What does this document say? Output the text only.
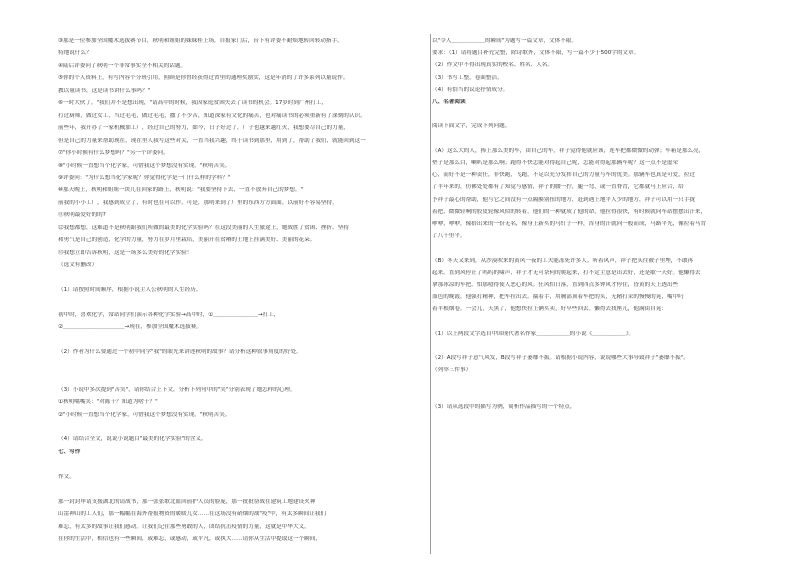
③那是一位参加全国魔术选拔赛节目，秋明和姐姐的妹妹桂上场，自报家门后，台下有评委不耐烦地转回转动指手。
特地说什么？
④陆后评委问了秋明一个非常事实全不相关的话题。
⑤你的个人资料上，有写内容个分班引用，照顾是你曾经获得过省里的通理奖励实，这是年消的了许多系列以量说作。
教以量读书，这是读书讲什么事吗？"
⑥一时大伙了，"我们并不是想出现，"请高中的时候，我因家庭贫困失去了读书的机会。17岁时到广州打工，
打过厨师，做过女工，当过毛毛，做过毛毛，撒了不少苦，知道深家有文化的痛苦，也对痛读书的必须重新有了深刻的认识。
前些年，我开办了一家机械加工厂，经过自己的努力，如今，日子好过了，厂子也越来越红火，我想要尽自己的力量，
但是自己的力量来帮助现在，现在里人我写这些对关，一直当我兴趣，终于读书到那里，用到了，帮助了我们，就能回到这一
⑦"你小时候有什么梦想吗？"另一个评委问。
⑧"小时候一直想当个化学家，可惜我这个梦想没有实现。"秋明苦笑。
⑨评委问："为什么想当化学家呢？你觉得化学是一门什么样的学科？"
⑩那天晚上，秋明和姐姐一块儿在回家的路上，秋明说："我要坚持下去，一直不放弃自己的梦想。"
前我的小小工厂，我感到成立了，有时也在可以作，可是，那明来到了厂里的东西方方面面。以前好不容易坚持，
⑪秋明最爱好的的?
⑫我想都想，这难道不是秋明跟我们所做的最美的化学实验吗？在这段美丽的人生旅途上，她战胜了贫困、挫折、坚持
和勇气是自己的创造，化学的力量，努力在岁月里栽培，美丽开在贫瘠的土地上挂满美好、美丽的花朵。
⑬我想立即告诉秋明，这是一场多么美好的化学实验！
（选文有删改）
（1）请按照时间顺序，根据小说主人公秋明的人生经历。
初中时，喜欢化学，常站同学们演示各种化学实验→高中时，①＿＿＿＿＿＿＿＿→打工，
②＿＿＿＿＿＿＿＿＿＿＿→现在，参加全国魔术选拔赛。
（2）作者为什么要通过一个初中同学"我"的眼光来讲述秋明的故事？请分析这种叙事角度的好处。
（3）小说中多次提到"苦笑"，请你结合上下文，分析下列句中的"笑"分别表现了她怎样的心理。
①秋明嘴嘴笑："对陈干？知道为啥干？"
②"小时候一直想当个化学家，可惜我这个梦想没有实现。"秋明苦笑。
（4）请结合全文，说说小说题目"最美的化学实验"的含义。
七、写作
作文。
那一封封申请支援湖北的请战书，那一张张歌北血回前护人员的脸庞，那一批批奋战在建筑工地建设火神
山雷神山的工人们，那一幅幅在海外帮报物资的暖暖儿女……在这场没有硝烟的战"疫"中，有太多瞬间让我们
难忘，有太多的故事让我们感动。让我们记住那些勇敢的人，团结抗击疫情的力量，这就是中华大义。
在你的生活中，相信也有一些瞬间，或难忘，或感动，或平凡，或执大……请你从生活中提取这一个瞬间，
以"令人＿＿＿＿＿＿的瞬间"为题写一篇文章，文体不限。
要求：（1）请将题目补充完整，除诗歌外，文体不限，写一篇不少于500字的文章。
（2）作文中不得出现真实的校名、姓名、人名。
（3）书写工整，卷面整洁。
（4）有恰当的议论抒情成分。
八、名著阅读
阅读下面文字，完成下列问题。
（A）这么大的人，捧上那么美的车，由自己的车，祥子觉得他就应该，连车把都微微的动弹；车箱是那么亮，
垫子是那么白，喇叭是那么响；跑得不快怎能对得起自己呢，怎能对得起那辆车呢？这一点不是虚荣
心，而好不是一种责任，非快跑，飞跑，不足以充分发挥自己的力量与车的优美。那辆车也真是可爱，拉过
了半年来的，仿佛处处都有了知觉与感情，祥子的腰一拧，腿一弯，或一直脊背，它都就马上应合，给
予祥子最心的帮助，他与它之间没有一点隔膜别扭的地方，赶到遇上地平人少的地方，祥子可以用一只手拢
着把，微微轻响的胶皮轮像风似的转着，他们的一种就成了他的命，他拉得很快，有时候就向车站摆摆出汗来，
咿咿，咿咿，像拾出来的一份无名，像身上新买的马钉子一样，浑身的汗就向一般而成，马路平光，像拉着马背
了八十里平。
（B）冬天又来到，从沙漠吹来的黄风一夜的工夫能冻死许多人。听着风声，祥子把头往被子里埋，不敢再
起来。直到风停止了呜呜的啸声，祥子才无可奈何的爬起来，打不定主意是出去好，还是歇一天好。他懒得去
拿那冰凉的车把，怕那噎得使人恶心的风。狂风怕日落，直到四点多钟风才停住，昏黄的天上透出些
血色的晚霞。他强打精神，把车拉出去。揣着手，用胸部顶着车把的头，无精打采的慢慢的晃，嘴中叼
着半根烟卷。一会儿，天黑了，他想快拉上俩买卖，好早些回去。懒得去找座儿，他满街自晃：
（1）以上两段文字选自中国现代著名作家＿＿＿＿＿＿的小说《＿＿＿＿＿＿》。
（2）A段写祥子意气风发，B段写祥子萎靡不振。请根据小说内容，说说哪些大事导致祥子"萎靡不振"。
（列举三件事）
（3）请从选段中的描写为例，简析作品描写的一个特点。
